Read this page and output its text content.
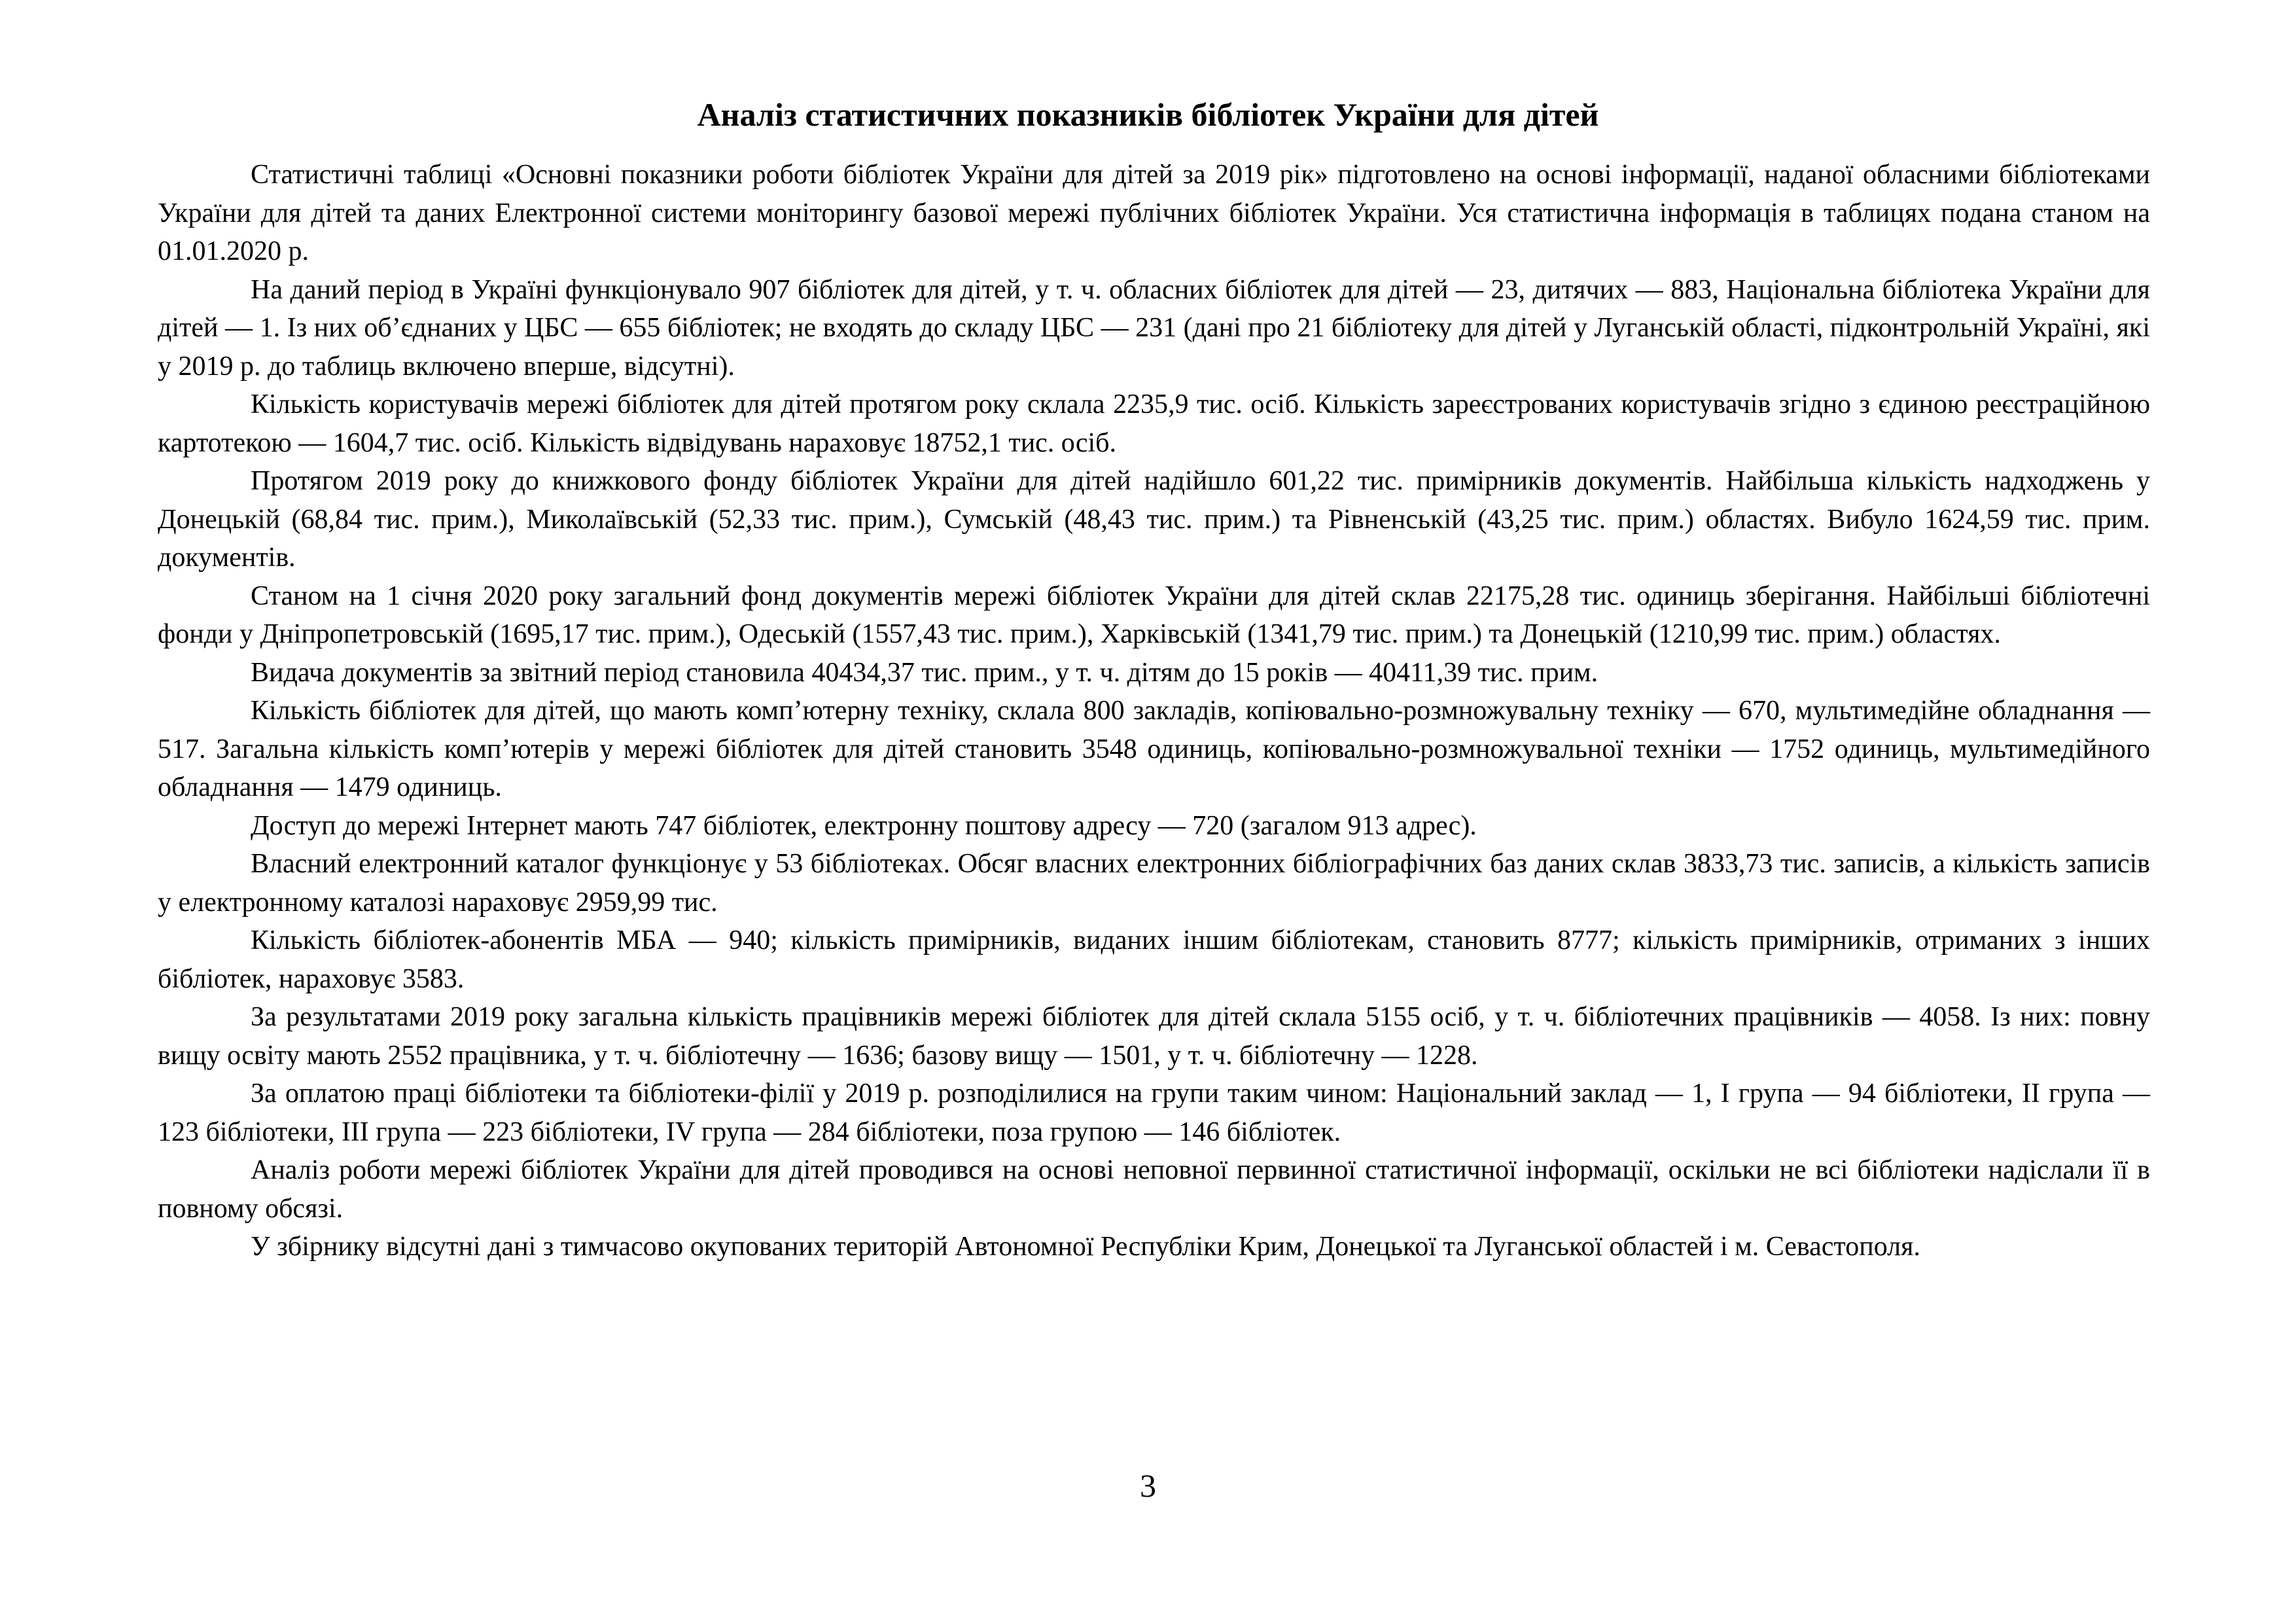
Аналіз статистичних показників бібліотек України для дітей

Статистичні таблиці «Основні показники роботи бібліотек України для дітей за 2019 рік» підготовлено на основі інформації, наданої обласними бібліотеками України для дітей та даних Електронної системи моніторингу базової мережі публічних бібліотек України. Уся статистична інформація в таблицях подана станом на 01.01.2020 р.

На даний період в Україні функціонувало 907 бібліотек для дітей, у т. ч. обласних бібліотек для дітей — 23, дитячих — 883, Національна бібліотека України для дітей — 1. Із них об’єднаних у ЦБС — 655 бібліотек; не входять до складу ЦБС — 231 (дані про 21 бібліотеку для дітей у Луганській області, підконтрольній Україні, які у 2019 р. до таблиць включено вперше, відсутні).

Кількість користувачів мережі бібліотек для дітей протягом року склала 2235,9 тис. осіб. Кількість зареєстрованих користувачів згідно з єдиною реєстраційною картотекою — 1604,7 тис. осіб. Кількість відвідувань нараховує 18752,1 тис. осіб.

Протягом 2019 року до книжкового фонду бібліотек України для дітей надійшло 601,22 тис. примірників документів. Найбільша кількість надходжень у Донецькій (68,84 тис. прим.), Миколаївській (52,33 тис. прим.), Сумській (48,43 тис. прим.) та Рівненській (43,25 тис. прим.) областях. Вибуло 1624,59 тис. прим. документів.

Станом на 1 січня 2020 року загальний фонд документів мережі бібліотек України для дітей склав 22175,28 тис. одиниць зберігання. Найбільші бібліотечні фонди у Дніпропетровській (1695,17 тис. прим.), Одеській (1557,43 тис. прим.), Харківській (1341,79 тис. прим.) та Донецькій (1210,99 тис. прим.) областях.

Видача документів за звітний період становила 40434,37 тис. прим., у т. ч. дітям до 15 років — 40411,39 тис. прим.

Кількість бібліотек для дітей, що мають комп’ютерну техніку, склала 800 закладів, копіювально-розмножувальну техніку — 670, мультимедійне обладнання — 517. Загальна кількість комп’ютерів у мережі бібліотек для дітей становить 3548 одиниць, копіювально-розмножувальної техніки — 1752 одиниць, мультимедійного обладнання — 1479 одиниць.

Доступ до мережі Інтернет мають 747 бібліотек, електронну поштову адресу — 720 (загалом 913 адрес).

Власний електронний каталог функціонує у 53 бібліотеках. Обсяг власних електронних бібліографічних баз даних склав 3833,73 тис. записів, а кількість записів у електронному каталозі нараховує 2959,99 тис.

Кількість бібліотек-абонентів МБА — 940; кількість примірників, виданих іншим бібліотекам, становить 8777; кількість примірників, отриманих з інших бібліотек, нараховує 3583.

За результатами 2019 року загальна кількість працівників мережі бібліотек для дітей склала 5155 осіб, у т. ч. бібліотечних працівників — 4058. Із них: повну вищу освіту мають 2552 працівника, у т. ч. бібліотечну — 1636; базову вищу — 1501, у т. ч. бібліотечну — 1228.

За оплатою праці бібліотеки та бібліотеки-філії у 2019 р. розподілилися на групи таким чином: Національний заклад — 1, І група — 94 бібліотеки, ІІ група — 123 бібліотеки, ІІІ група — 223 бібліотеки, IV група — 284 бібліотеки, поза групою — 146 бібліотек.

Аналіз роботи мережі бібліотек України для дітей проводився на основі неповної первинної статистичної інформації, оскільки не всі бібліотеки надіслали її в повному обсязі.

У збірнику відсутні дані з тимчасово окупованих територій Автономної Республіки Крим, Донецької та Луганської областей і м. Севастополя.

3
